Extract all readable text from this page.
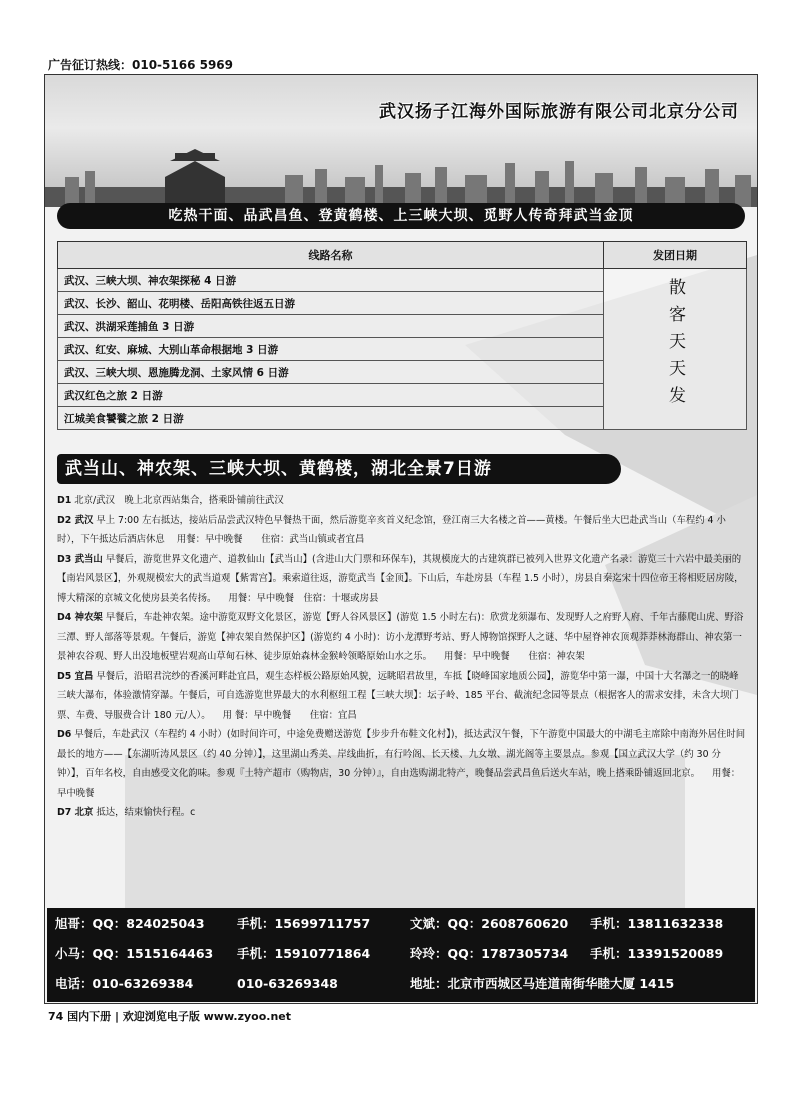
广告征订热线：010-5166 5969
武汉扬子江海外国际旅游有限公司北京分公司
吃热干面、品武昌鱼、登黄鹤楼、上三峡大坝、觅野人传奇拜武当金顶
线路名称	发团日期
武汉、三峡大坝、神农架探秘 4 日游	散客天天发
武汉、长沙、韶山、花明楼、岳阳高铁往返五日游	
武汉、洪湖采莲捕鱼 3 日游	
武汉、红安、麻城、大别山革命根据地 3 日游	
武汉、三峡大坝、恩施腾龙洞、土家风情 6 日游	
武汉红色之旅 2 日游	
江城美食饕餮之旅 2 日游	
武当山、神农架、三峡大坝、黄鹤楼，湖北全景7日游
D1 北京/武汉　晚上北京西站集合，搭乘卧铺前往武汉
D2 武汉 早上 7:00 左右抵达，接站后品尝武汉特色早餐热干面，然后游览辛亥首义纪念馆，登江南三大名楼之首——黄楼。午餐后坐大巴赴武当山（车程约 4 小时），下午抵达后酒店休息 用餐：早中晚餐　　住宿：武当山镇或者宜昌
D3 武当山 早餐后，游览世界文化遗产、道教仙山【武当山】(含进山大门票和环保车)，其规模庞大的古建筑群已被列入世界文化遗产名录：游览三十六岩中最美丽的【南岩风景区】，外观规模宏大的武当道观【紫霄宫】。乘索道往返，游览武当【金顶】。下山后，车赴房县（车程 1.5 小时），房县自秦迄宋十四位帝王将相贬居房陵，博大精深的京城文化使房县美名传扬。 用餐：早中晚餐　住宿：十堰或房县
D4 神农架 早餐后，车赴神农架。途中游览双野文化景区，游览【野人谷风景区】(游览 1.5 小时左右)：欣赏龙须瀑布、发现野人之府野人府、千年古藤爬山虎、野浴三潭、野人部落等景观。午餐后，游览【神农架自然保护区】(游览约 4 小时)：访小龙潭野考站、野人博物馆探野人之谜、华中屋脊神农顶观莽莽林海群山、神农第一景神农谷观、野人出没地板壁岩观高山草甸石林、徒步原始森林金猴岭领略原始山水之乐。 用餐：早中晚餐　　住宿：神农架
D5 宜昌 早餐后，沿昭君浣纱的香溪河畔赴宜昌，观生态样板公路原始风貌，远眺昭君故里，车抵【晓峰国家地质公园】，游览华中第一瀑，中国十大名瀑之一的晓峰三峡大瀑布，体验激情穿瀑。午餐后，可自选游览世界最大的水利枢纽工程【三峡大坝】：坛子岭、185 平台、截流纪念园等景点（根据客人的需求安排，未含大坝门票、车费、导服费合计 180 元/人）。 用 餐：早中晚餐　　住宿：宜昌
D6 早餐后，车赴武汉（车程约 4 小时）(如时间许可，中途免费赠送游览【步步升布鞋文化村】)，抵达武汉午餐，下午游览中国最大的中湖毛主席除中南海外居住时间最长的地方——【东湖听涛风景区（约 40 分钟）】，这里湖山秀美、岸线曲折，有行吟阁、长天楼、九女墩、湖光阁等主要景点。参观【国立武汉大学（约 30 分钟）】，百年名校，自由感受文化韵味。参观『土特产超市（购物店，30 分钟）』，自由选购湖北特产，晚餐品尝武昌鱼后送火车站，晚上搭乘卧铺返回北京。 用餐：早中晚餐
D7 北京 抵达，结束愉快行程。c
旭哥：QQ：824025043	手机：15699711757	文斌：QQ：2608760620 手机：13811632338
小马：QQ：1515164463 手机：15910771864	玲玲：QQ：1787305734 手机：13391520089
电话：010-63269384	010-63269348	地址：北京市西城区马连道南街华睦大厦 1415
74 国内下册 | 欢迎浏览电子版 www.zyoo.net
